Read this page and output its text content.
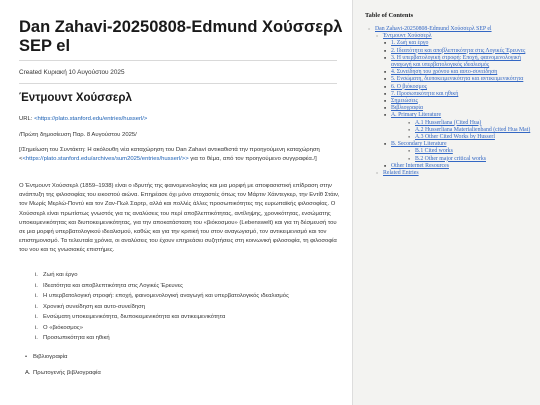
Dan Zahavi-20250808-Edmund Χούσσερλ SEP el
Created Κυριακή 10 Αυγούστου 2025
Έντμουντ Χούσσερλ
URL: <https://plato.stanford.edu/entries/husserl/>
/Πρώτη δημοσίευση Παρ. 8 Αυγούστου 2025/
[/Σημείωση του Συντάκτη: Η ακόλουθη νέα καταχώρηση του Dan Zahavi αντικαθιστά την προηγούμενη καταχώρηση <<https://plato.stanford.edu/archives/sum2025/entries/husserl/>> για το θέμα, από τον προηγούμενο συγγραφέα./]
Ο Έντμουντ Χούσσερλ (1859–1938) είναι ο ιδρυτής της φαινομενολογίας και μια μορφή με αποφασιστική επίδραση στην ανάπτυξη της φιλοσοφίας του εικοστού αιώνα. Επηρέασε όχι μόνο στοχαστές όπως τον Μάρτιν Χάιντεγκερ, την Εντίθ Στάιν, τον Μωρίς Μερλώ-Ποντύ και τον Ζαν-Πωλ Σαρτρ, αλλά και πολλές άλλες προσωπικότητες της ευρωπαϊκής φιλοσοφίας. Ο Χούσσερλ είναι πρωτίστως γνωστός για τις αναλύσεις του περί αποβλεπτικότητας, αντίληψης, χρονικότητας, ενσώματης υποκειμενικότητας και διυποκειμενικότητας, για την αποκατάσταση του «βιόκοσμου» (Lebenswelt) και για τη δέσμευσή του σε μια μορφή υπερβατολογικού ιδεαλισμού, καθώς και για την κριτική του στον αναγωγισμό, τον αντικειμενισμό και τον επιστημονισμό. Τα τελευταία χρόνια, οι αναλύσεις του έχουν επηρεάσει συζητήσεις στη κοινωνική φιλοσοφία, τη φιλοσοφία του νου και τις γνωσιακές επιστήμες.
i. Ζωή και έργο
i. Ιδεατότητα και αποβλεπτικότητα στις Λογικές Έρευνες
i. Η υπερβατολογική στροφή: εποχή, φαινομενολογική αναγωγή και υπερβατολογικός ιδεαλισμός
i. Χρονική συνείδηση και αυτο-συνείδηση
i. Ενσώματη υποκειμενικότητα, διυποκειμενικότητα και αντικειμενικότητα
i. Ο «βιόκοσμος»
i. Προσωπικότητα και ηθική
• Βιβλιογραφία
A. Πρωτογενής βιβλιογραφία
Table of Contents
○ Dan Zahavi-20250808-Edmund Χούσσερλ SEP el
○ Έντμουντ Χούσσερλ
■ 1. Ζωή και έργο
■ 2. Ιδεατότητα και αποβλεπτικότητα στις Λογικές Έρευνες
■ 3. Η υπερβατολογική στροφή: Εποχή, φαινομενολογική αναγωγή και υπερβατολογικός ιδεαλισμός
■ 4. Συνείδηση του χρόνου και αυτο-συνείδηση
■ 5. Ενσώματη, διυποκειμενικότητα και αντικειμενικότητα
■ 6. Ο βιόκοσμος
■ 7. Προσωπικότητα και ηθική
■ Σημειώσεις
■ Βιβλιογραφία
■ A. Primary Literature
● A.1 Husserliana (Cited Hua)
● A.2 Husserliana Materialienband (cited Hua Mat)
● A.3 Other Cited Works by Husserl
■ B. Secondary Literature
● B.1 Cited works
● B.2 Other major critical works
■ Other Internet Resources
○ Related Entries
